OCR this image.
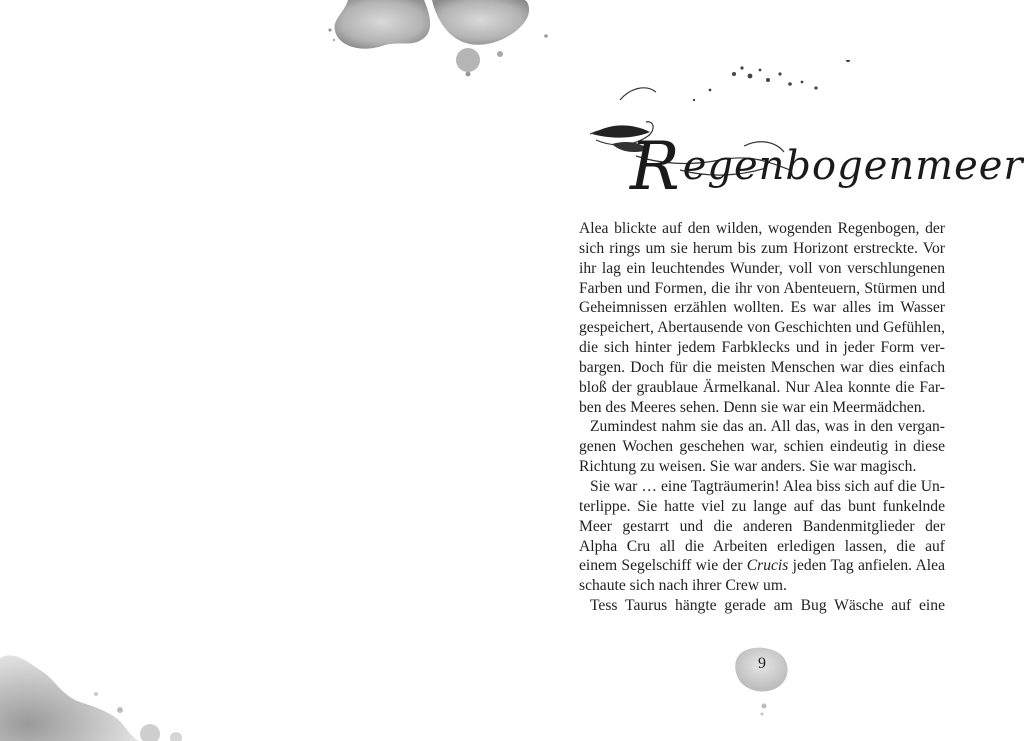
Regenbogenmeer

Alea blickte auf den wilden, wogenden Regenbogen, der

sich rings um sie herum bis zum Horizont erstreckte. Vor

ihr lag ein leuchtendes Wunder, voll von verschlungenen

Farben und Formen, die ihr von Abenteuern, Stürmen und

Geheimnissen erzählen wollten. Es war alles im Wasser

gespeichert, Abertausende von Geschichten und Gefühlen,

die sich hinter jedem Farbklecks und in jeder Form ver-

bargen. Doch für die meisten Menschen war dies einfach

bloß der graublaue Ärmelkanal. Nur Alea konnte die Far-

ben des Meeres sehen. Denn sie war ein Meermädchen.

Zumindest nahm sie das an. All das, was in den vergan-

genen Wochen geschehen war, schien eindeutig in diese

Richtung zu weisen. Sie war anders. Sie war magisch.

Sie war … eine Tagträumerin! Alea biss sich auf die Un-

terlippe. Sie hatte viel zu lange auf das bunt funkelnde

Meer gestarrt und die anderen Bandenmitglieder der

Alpha Cru all die Arbeiten erledigen lassen, die auf

einem Segelschiff wie der Crucis jeden Tag anfielen. Alea

schaute sich nach ihrer Crew um.

Tess Taurus hängte gerade am Bug Wäsche auf eine

9
